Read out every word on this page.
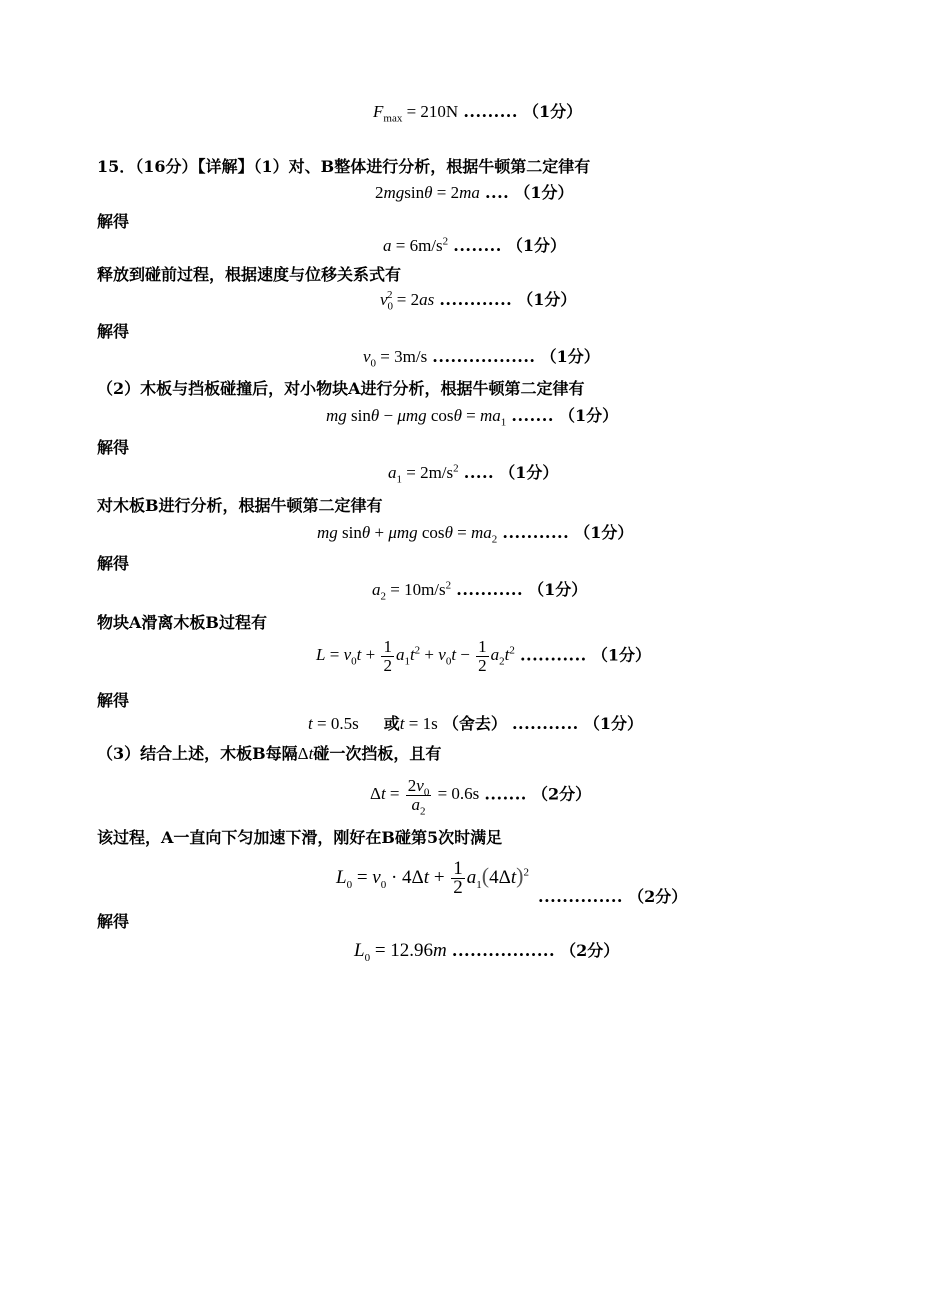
$F_{max} = 210N$ ......... （1分）
15．（16分）【详解】（1）对、B整体进行分析，根据牛顿第二定律有
2mgsinθ = 2ma .... （1分）
解得
$a = 6m/s^2$ ........ （1分）
释放到碰前过程，根据速度与位移关系式有
$v_0^2 = 2as$ ............ （1分）
解得
$v_0 = 3m/s$ ................. （1分）
（2）木板与挡板碰撞后，对小物块A进行分析，根据牛顿第二定律有
mg sinθ − μmg $\cos\theta = ma_1$ ....... （1分）
解得
$a_1 = 2m/s^2$ ..... （1分）
对木板B进行分析，根据牛顿第二定律有
mg sinθ + μmg $\cos\theta = ma_2$ ........... （1分）
解得
$a_2 = 10m/s^2$ ........... （1分）
物块A滑离木板B过程有
$L = v_0t + \frac{1}{2} a_1t^2 + v_0t - \frac{1}{2} a_2t^2$ ........... （1分）
解得
t = 0.5s 或t = 1s （舍去） ........... （1分）
（3）结合上述，木板B每隔Δt碰一次挡板，且有
$\Delta t = \frac{2v_0}{a_2} = 0.6s$ ....... （2分）
该过程，A一直向下匀加速下滑，刚好在B碰第5次时满足
$L_0 = v_0 \cdot 4\Delta t + \frac{1}{2} a_1(4\Delta t)^2$
.............. （2分）
解得
$L_0 = 12.96m$ ................. （2分）
